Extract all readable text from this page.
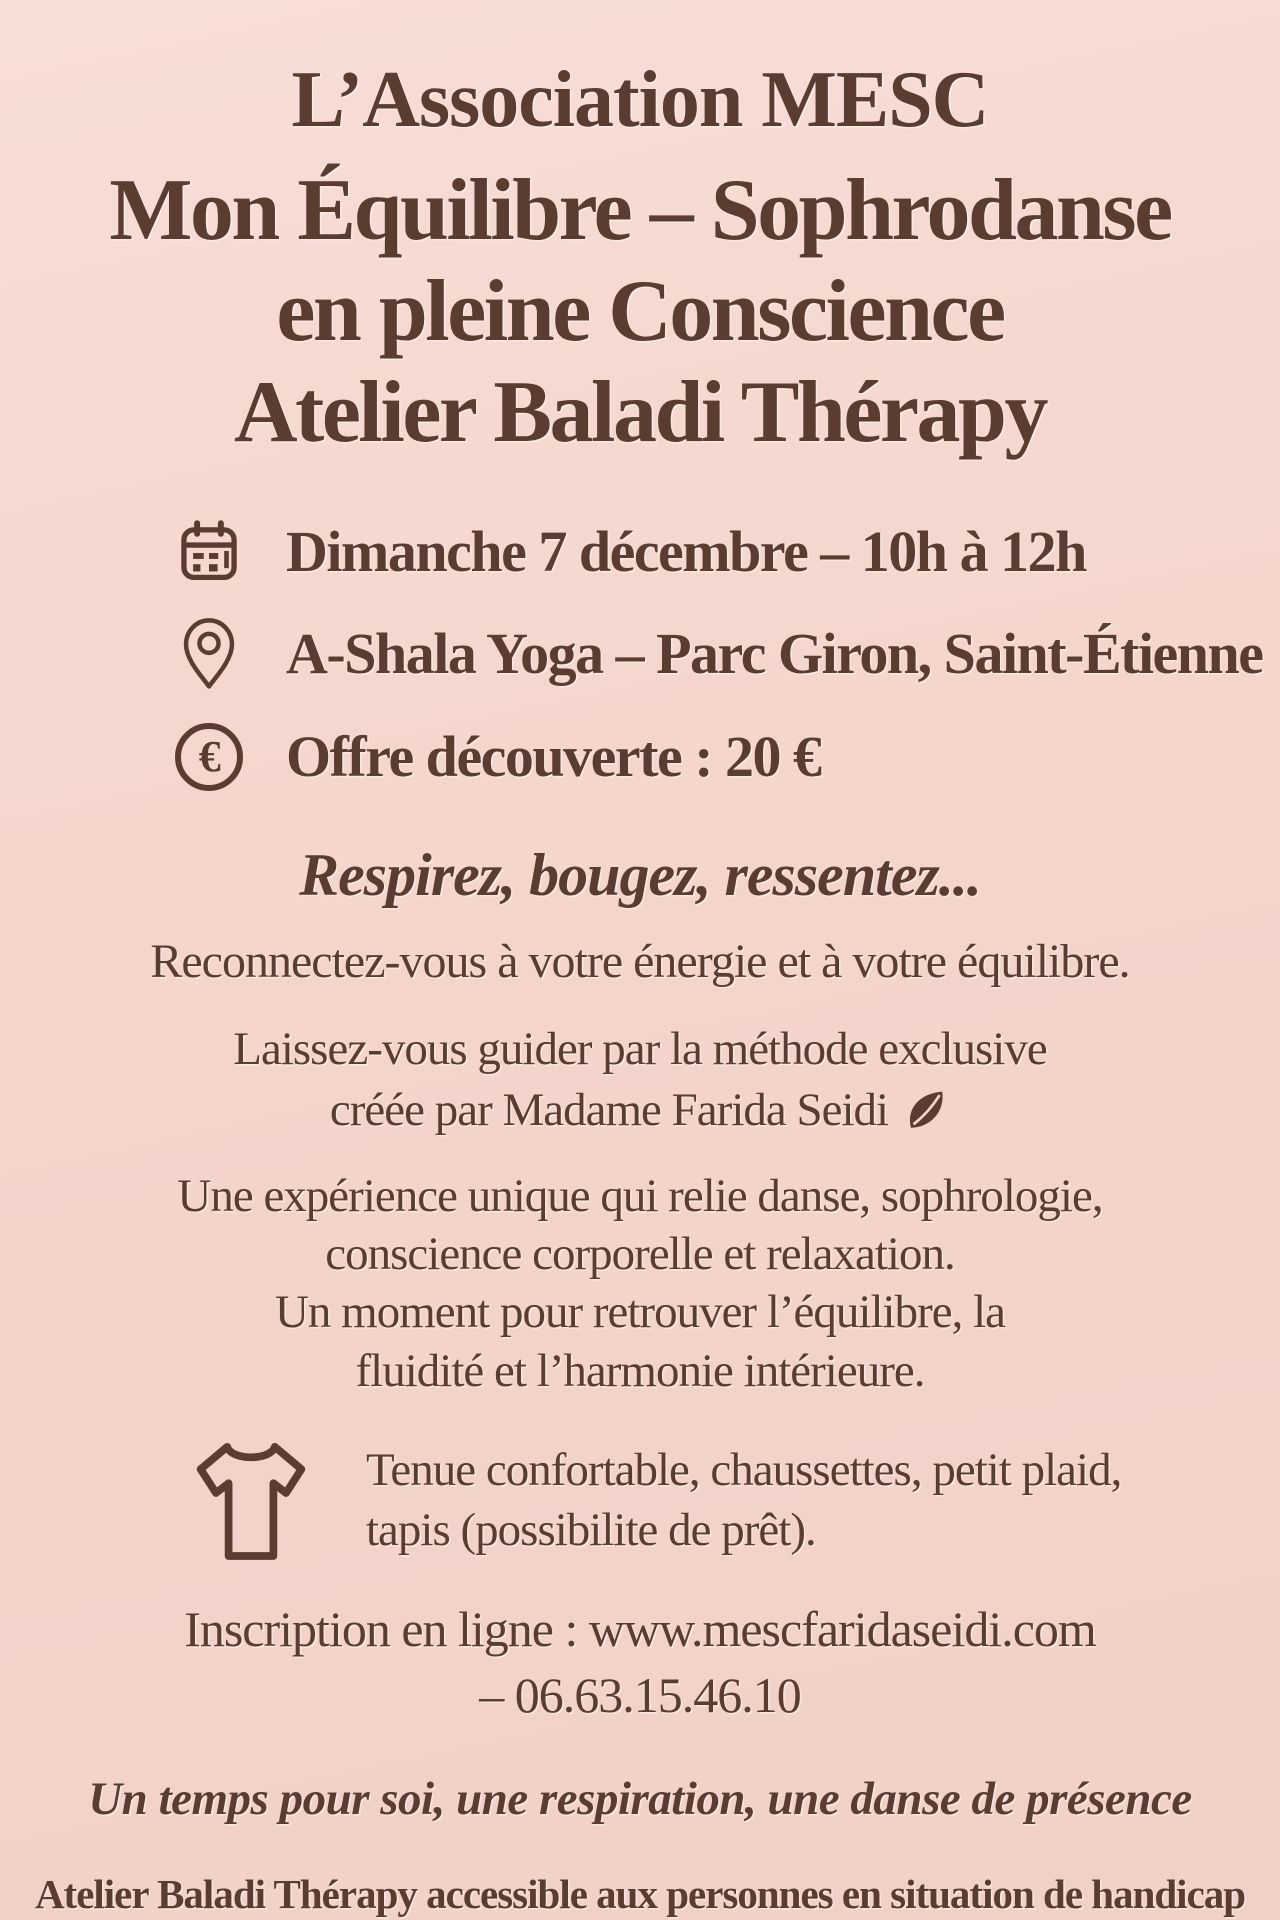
L’Association MESC
Mon Équilibre – Sophrodanse
en pleine Conscience
Atelier Baladi Thérapy
Dimanche 7 décembre – 10h à 12h
A-Shala Yoga – Parc Giron, Saint-Étienne
€	Offre découverte : 20 €
Respirez, bougez, ressentez...
Reconnectez-vous à votre énergie et à votre équilibre.
Laissez-vous guider par la méthode exclusive
créée par Madame Farida Seidi
Une expérience unique qui relie danse, sophrologie,
conscience corporelle et relaxation.
Un moment pour retrouver l’équilibre, la
fluidité et l’harmonie intérieure.
Tenue confortable, chaussettes, petit plaid,
tapis (possibilite de prêt).
Inscription en ligne : www.mescfaridaseidi.com
– 06.63.15.46.10
Un temps pour soi, une respiration, une danse de présence
Atelier Baladi Thérapy accessible aux personnes en situation de handicap
